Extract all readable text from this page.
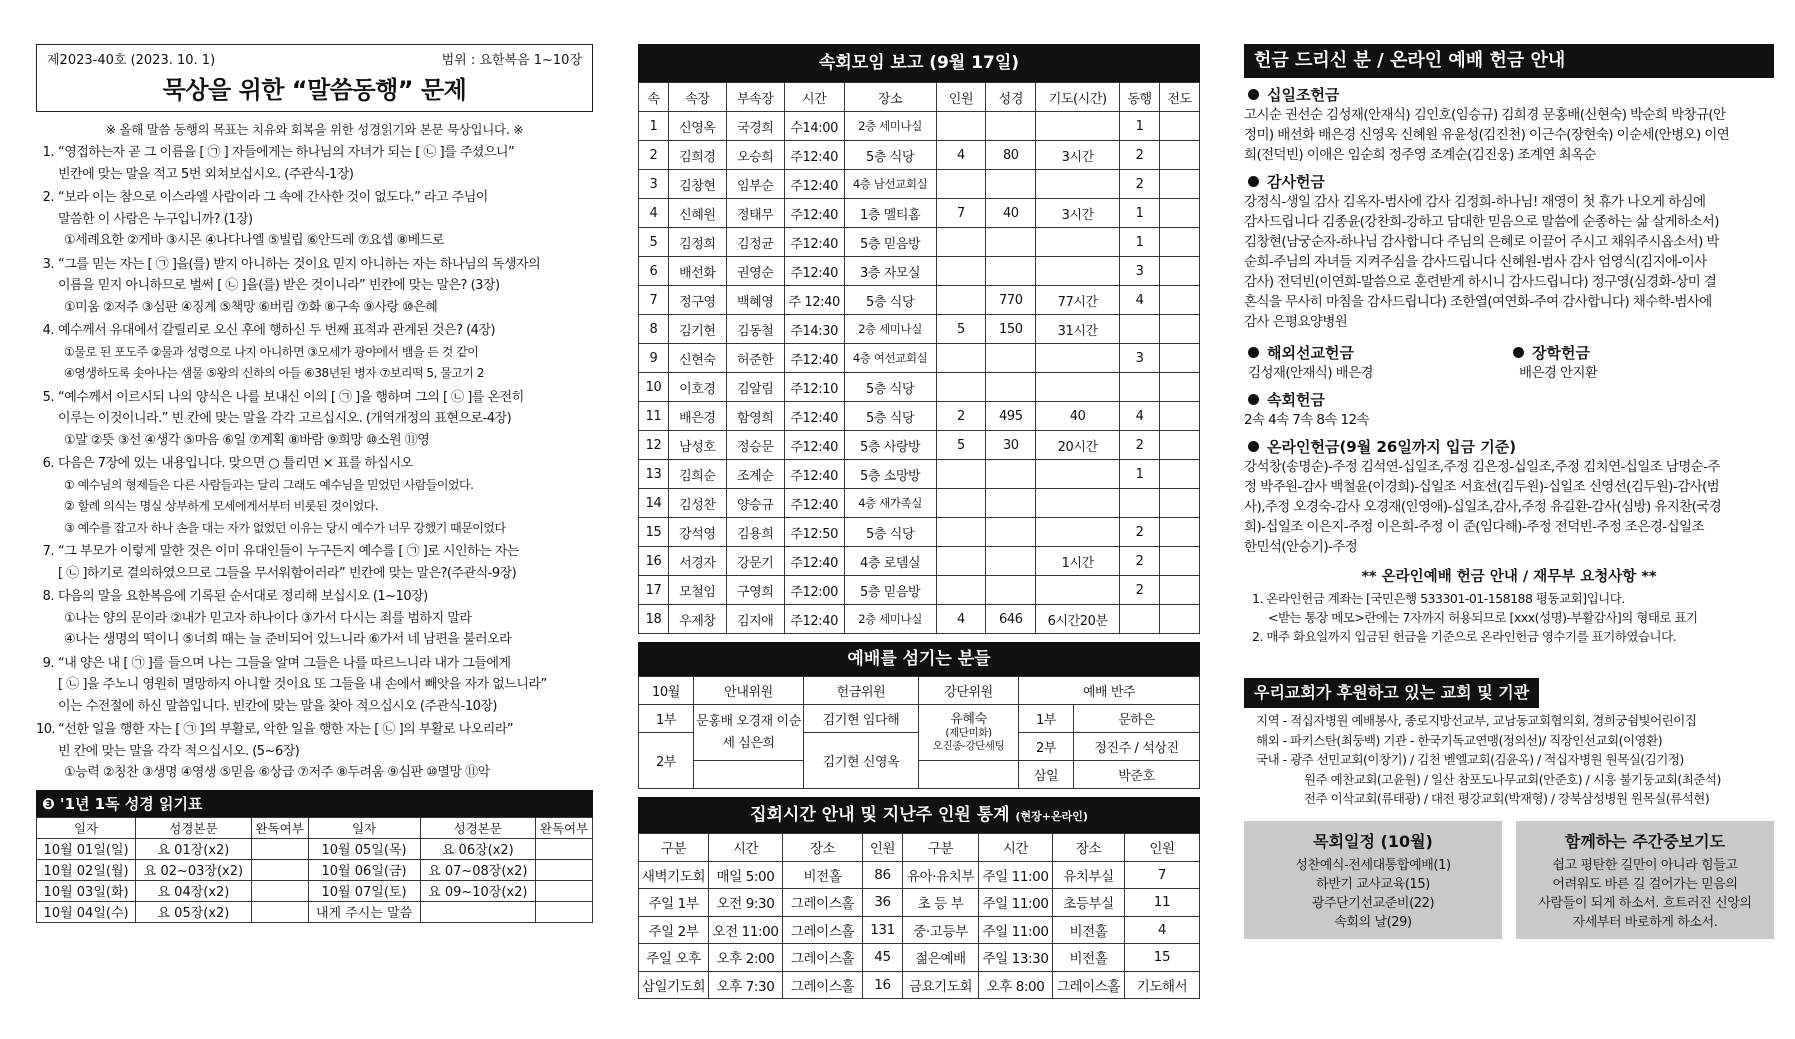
제2023-40호 (2023. 10. 1)	범위 : 요한복음 1~10장
묵상을 위한 “말씀동행” 문제
※ 올해 말씀 동행의 목표는 치유와 회복을 위한 성경읽기와 본문 묵상입니다. ※
1. “영접하는자 곧 그 이름을 [ ㉠ ] 자들에게는 하나님의 자녀가 되는 [ ㉡ ]를 주셨으니”
빈칸에 맞는 말을 적고 5번 외쳐보십시오. (주관식-1장)
2. “보라 이는 참으로 이스라엘 사람이라 그 속에 간사한 것이 없도다.” 라고 주님이
말씀한 이 사람은 누구입니까? (1장)
①세례요한 ②게바 ③시몬 ④나다나엘 ⑤빌립 ⑥안드레 ⑦요셉 ⑧베드로
3. “그를 믿는 자는 [ ㉠ ]을(를) 받지 아니하는 것이요 믿지 아니하는 자는 하나님의 독생자의
이름을 믿지 아니하므로 벌써 [ ㉡ ]을(를) 받은 것이니라” 빈칸에 맞는 말은? (3장)
①미움 ②저주 ③심판 ④징계 ⑤책망 ⑥버림 ⑦화 ⑧구속 ⑨사랑 ⑩은혜
4. 예수께서 유대에서 갈릴리로 오신 후에 행하신 두 번째 표적과 관계된 것은? (4장)
①물로 된 포도주 ②물과 성령으로 나지 아니하면 ③모세가 광야에서 뱀을 든 것 같이
④영생하도록 솟아나는 샘물 ⑤왕의 신하의 아들 ⑥38년된 병자 ⑦보리떡 5, 물고기 2
5. “예수께서 이르시되 나의 양식은 나를 보내신 이의 [ ㉠ ]을 행하며 그의 [ ㉡ ]를 온전히
이루는 이것이니라.” 빈 칸에 맞는 말을 각각 고르십시오. (개역개정의 표현으로-4장)
①말 ②뜻 ③선 ④생각 ⑤마음 ⑥일 ⑦계획 ⑧바람 ⑨희망 ⑩소원 ⑪영
6. 다음은 7장에 있는 내용입니다. 맞으면 ○ 틀리면 × 표를 하십시오
① 예수님의 형제들은 다른 사람들과는 달리 그래도 예수님을 믿었던 사람들이었다.
② 할례 의식는 명실 상부하게 모세에게서부터 비롯된 것이었다.
③ 예수를 잡고자 하나 손을 대는 자가 없었던 이유는 당시 예수가 너무 강했기 때문이었다
7. “그 부모가 이렇게 말한 것은 이미 유대인들이 누구든지 예수를 [ ㉠ ]로 시인하는 자는
[ ㉡ ]하기로 결의하였으므로 그들을 무서워함이러라” 빈칸에 맞는 말은?(주관식-9장)
8. 다음의 말을 요한복음에 기록된 순서대로 정리해 보십시오 (1~10장)
①나는 양의 문이라 ②내가 믿고자 하나이다 ③가서 다시는 죄를 범하지 말라
④나는 생명의 떡이니 ⑤너희 때는 늘 준비되어 있느니라 ⑥가서 네 남편을 불러오라
9. “내 양은 내 [ ㉠ ]를 들으며 나는 그들을 알며 그들은 나를 따르느니라 내가 그들에게
[ ㉡ ]을 주노니 영원히 멸망하지 아니할 것이요 또 그들을 내 손에서 빼앗을 자가 없느니라”
이는 수전절에 하신 말씀입니다. 빈칸에 맞는 말을 찾아 적으십시오 (주관식-10장)
10. “선한 일을 행한 자는 [ ㉠ ]의 부활로, 악한 일을 행한 자는 [ ㉡ ]의 부활로 나오리라”
빈 칸에 맞는 말을 각각 적으십시오. (5~6장)
①능력 ②칭찬 ③생명 ④영생 ⑤믿음 ⑥상급 ⑦저주 ⑧두려움 ⑨심판 ⑩멸망 ⑪악
❸ '1년 1독 성경 읽기표
일자	성경본문	완독여부	일자	성경본문	완독여부
10월 01일(일)	요 01장(x2)		10월 05일(목)	요 06장(x2)	
10월 02일(월)	요 02~03장(x2)		10월 06일(금)	요 07~08장(x2)	
10월 03일(화)	요 04장(x2)		10월 07일(토)	요 09~10장(x2)	
10월 04일(수)	요 05장(x2)		내게 주시는 말씀		
속회모임 보고 (9월 17일)
속	속장	부속장	시간	장소	인원	성경	기도(시간)	동행	전도
1	신영옥	국경희	수14:00	2층 세미나실				1	
2	김희경	오승희	주12:40	5층 식당	4	80	3시간	2	
3	김창현	임부순	주12:40	4층 남선교회실				2	
4	신혜원	정태무	주12:40	1층 멜티홈	7	40	3시간	1	
5	김정희	김정균	주12:40	5층 믿음방				1	
6	배선화	권영순	주12:40	3층 자모실				3	
7	정구영	백혜영	주 12:40	5층 식당		770	77시간	4	
8	김기현	김동철	주14:30	2층 세미나실	5	150	31시간		
9	신현숙	허준한	주12:40	4층 여선교회실				3	
10	이호경	김알림	주12:10	5층 식당					
11	배은경	함영희	주12:40	5층 식당	2	495	40	4	
12	남성호	정승문	주12:40	5층 사랑방	5	30	20시간	2	
13	김희순	조계순	주12:40	5층 소망방				1	
14	김성찬	양승규	주12:40	4층 새가족실					
15	강석영	김용희	주12:50	5층 식당				2	
16	서경자	강문기	주12:40	4층 로뎀실			1시간	2	
17	모철임	구영희	주12:00	5층 믿음방				2	
18	우제창	김지애	주12:40	2층 세미나실	4	646	6시간20분		
예배를 섬기는 분들
10월	안내위원	헌금위원	강단위원	예배 반주	
1부	문홍배 오경재 이순세 심은희	김기현 임다해	유혜숙
(제단미화)
오진종-강단세팅	1부	문하은
2부		김기현 신영옥		2부	정진주 / 석상진
				삼일	박준호
집회시간 안내 및 지난주 인원 통계 (현장+온라인)
구분	시간	장소	인원	구분	시간	장소	인원
새벽기도회	매일 5:00	비전홀	86	유아·유치부	주일 11:00	유치부실	7
주일 1부	오전 9:30	그레이스홀	36	초 등 부	주일 11:00	초등부실	11
주일 2부	오전 11:00	그레이스홀	131	중·고등부	주일 11:00	비전홀	4
주일 오후	오후 2:00	그레이스홀	45	젊은예배	주일 13:30	비전홀	15
삼일기도회	오후 7:30	그레이스홀	16	금요기도회	오후 8:00	그레이스홀	기도해서
헌금 드리신 분 / 온라인 예배 헌금 안내
십일조헌금
고시순 권선순 김성재(안재식) 김인호(임승규) 김희경 문홍배(신현숙) 박순희 박창규(안
정미) 배선화 배은경 신영옥 신혜원 유윤성(김진천) 이근수(장현숙) 이순세(안병오) 이연
희(전덕빈) 이애은 임순희 정주영 조계순(김진웅) 조계연 최옥순
감사헌금
강정식-생일 감사 김옥자-범사에 감사 김정희-하나님! 재영이 첫 휴가 나오게 하심에
감사드립니다 김종윤(강찬희-강하고 담대한 믿음으로 말씀에 순종하는 삶 살게하소서)
김창현(남궁순자-하나님 감사합니다 주님의 은혜로 이끌어 주시고 채워주시옵소서) 박
순희-주님의 자녀들 지켜주심을 감사드립니다 신혜원-범사 감사 엄영식(김지애-이사
감사) 전덕빈(이연희-말씀으로 훈련받게 하시니 감사드립니다) 정구영(심경화-상미 결
혼식을 무사히 마침을 감사드립니다) 조한열(여연화-주여 감사합니다) 채수학-범사에
감사 은평요양병원
해외선교헌금
김성재(안재식) 배은경
장학헌금
배은경 안지환
속회헌금
2속 4속 7속 8속 12속
온라인헌금(9월 26일까지 입금 기준)
강석창(송명순)-주정 김석연-십일조,주정 김은정-십일조,주정 김치연-십일조 남명순-주
정 박주원-감사 백철윤(이경희)-십일조 서효선(김두원)-십일조 신영선(김두원)-감사(범
사),주정 오경숙-감사 오경재(인영애)-십일조,감사,주정 유길환-감사(심방) 유지찬(국경
희)-십일조 이은지-주정 이은희-주정 이 준(임다해)-주정 전덕빈-주정 조은경-십일조
한민석(안승기)-주정
** 온라인예배 헌금 안내 / 재무부 요청사항 **
1. 온라인헌금 계좌는 [국민은행 533301-01-158188 평동교회]입니다.
<받는 통장 메모>란에는 7자까지 허용되므로 [xxx(성명)-부활감사]의 형태로 표기
2. 매주 화요일까지 입금된 헌금을 기준으로 온라인헌금 영수기를 표기하였습니다.
우리교회가 후원하고 있는 교회 및 기관
지역 - 적십자병원 예배봉사, 종로지방선교부, 교남동교회협의회, 경희궁쉼빛어린이집
해외 - 파키스탄(최둥백) 기관 - 한국기독교연맹(정의선)/ 직장인선교회(이영환)
국내 - 광주 선민교회(이창기) / 김천 벧엘교회(김윤옥) / 적십자병원 원목실(김기정)
원주 예찬교회(고윤원) / 일산 참포도나무교회(안준호) / 시흥 불기둥교회(최준석)
전주 이삭교회(류태광) / 대전 평강교회(박재형) / 강북삼성병원 원목실(류석현)
목회일정 (10월)
성찬예식-전세대통합예배(1)
하반기 교사교육(15)
광주단기선교준비(22)
속회의 날(29)
함께하는 주간중보기도
쉽고 평탄한 길만이 아니라 힘들고
어려워도 바른 길 걸어가는 믿음의
사람들이 되게 하소서. 흐트러진 신앙의
자세부터 바로하게 하소서.
